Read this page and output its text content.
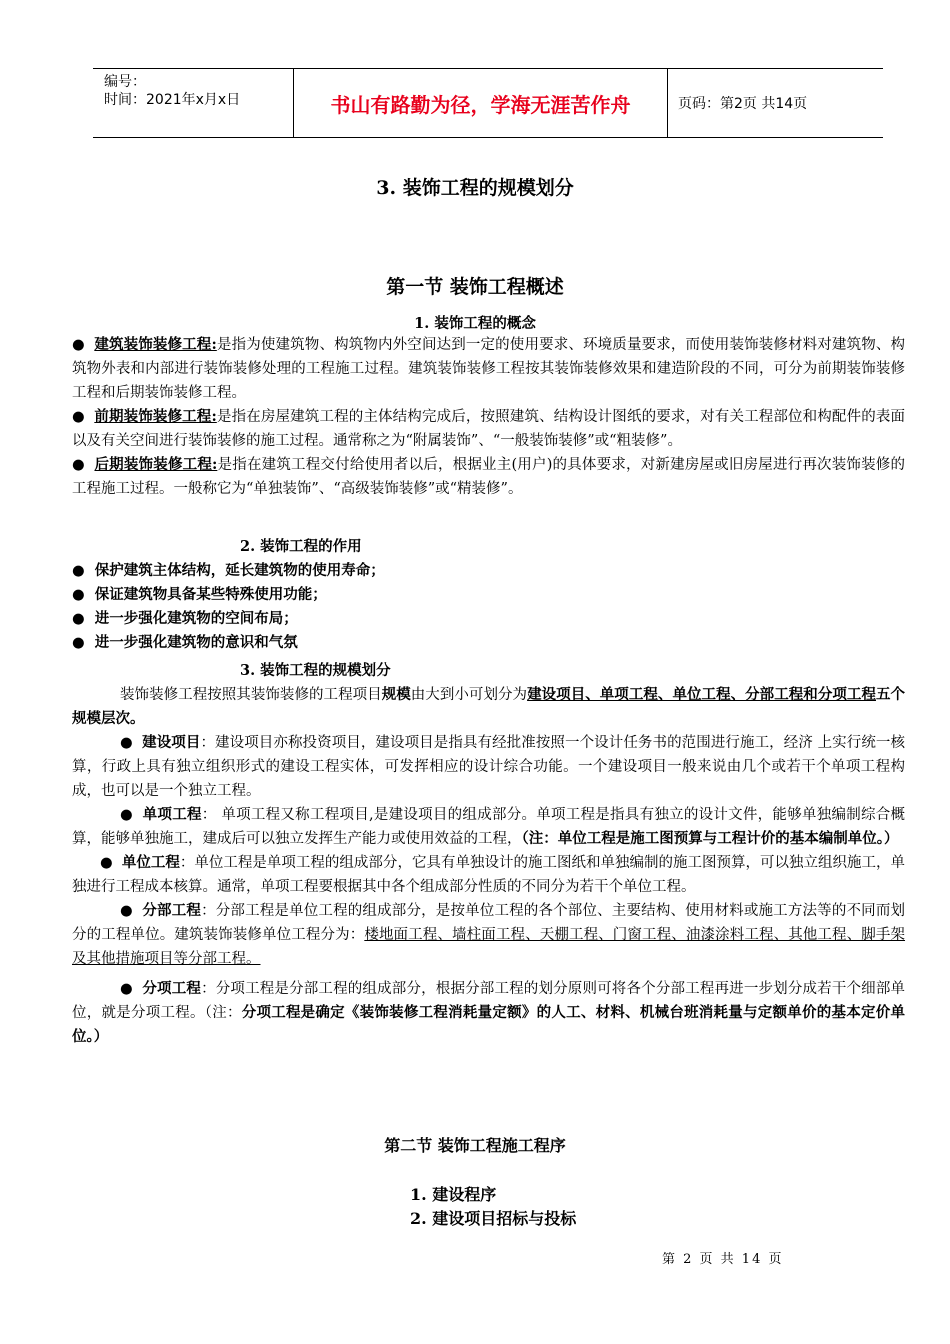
编号：
时间：2021年x月x日	书山有路勤为径，学海无涯苦作舟	页码：第2页 共14页
3. 装饰工程的规模划分
第一节 装饰工程概述
1. 装饰工程的概念

● 建筑装饰装修工程:是指为使建筑物、构筑物内外空间达到一定的使用要求、环境质量要求，而使用装饰装修材料对建筑物、构筑物外表和内部进行装饰装修处理的工程施工过程。建筑装饰装修工程按其装饰装修效果和建造阶段的不同，可分为前期装饰装修工程和后期装饰装修工程。

● 前期装饰装修工程:是指在房屋建筑工程的主体结构完成后，按照建筑、结构设计图纸的要求，对有关工程部位和构配件的表面以及有关空间进行装饰装修的施工过程。通常称之为“附属装饰”、“一般装饰装修”或“粗装修”。

● 后期装饰装修工程:是指在建筑工程交付给使用者以后，根据业主(用户)的具体要求，对新建房屋或旧房屋进行再次装饰装修的工程施工过程。一般称它为“单独装饰”、“高级装饰装修”或“精装修”。

2. 装饰工程的作用

● 保护建筑主体结构，延长建筑物的使用寿命；

● 保证建筑物具备某些特殊使用功能；

● 进一步强化建筑物的空间布局；

● 进一步强化建筑物的意识和气氛

3. 装饰工程的规模划分

装饰装修工程按照其装饰装修的工程项目规模由大到小可划分为建设项目、单项工程、单位工程、分部工程和分项工程五个规模层次。

● 建设项目：建设项目亦称投资项目，建设项目是指具有经批准按照一个设计任务书的范围进行施工，经济 上实行统一核算，行政上具有独立组织形式的建设工程实体，可发挥相应的设计综合功能。一个建设项目一般来说由几个或若干个单项工程构成，也可以是一个独立工程。

● 单项工程： 单项工程又称工程项目,是建设项目的组成部分。单项工程是指具有独立的设计文件，能够单独编制综合概算，能够单独施工，建成后可以独立发挥生产能力或使用效益的工程，（注：单位工程是施工图预算与工程计价的基本编制单位。）

● 单位工程：单位工程是单项工程的组成部分，它具有单独设计的施工图纸和单独编制的施工图预算，可以独立组织施工，单独进行工程成本核算。通常，单项工程要根据其中各个组成部分性质的不同分为若干个单位工程。

● 分部工程：分部工程是单位工程的组成部分，是按单位工程的各个部位、主要结构、使用材料或施工方法等的不同而划分的工程单位。建筑装饰装修单位工程分为：楼地面工程、墙柱面工程、天棚工程、门窗工程、油漆涂料工程、其他工程、脚手架及其他措施项目等分部工程。

● 分项工程：分项工程是分部工程的组成部分，根据分部工程的划分原则可将各个分部工程再进一步划分成若干个细部单位，就是分项工程。（注：分项工程是确定《装饰装修工程消耗量定额》的人工、材料、机械台班消耗量与定额单价的基本定价单位。）

第二节 装饰工程施工程序
1. 建设程序
2. 建设项目招标与投标
第 2 页 共 14 页
